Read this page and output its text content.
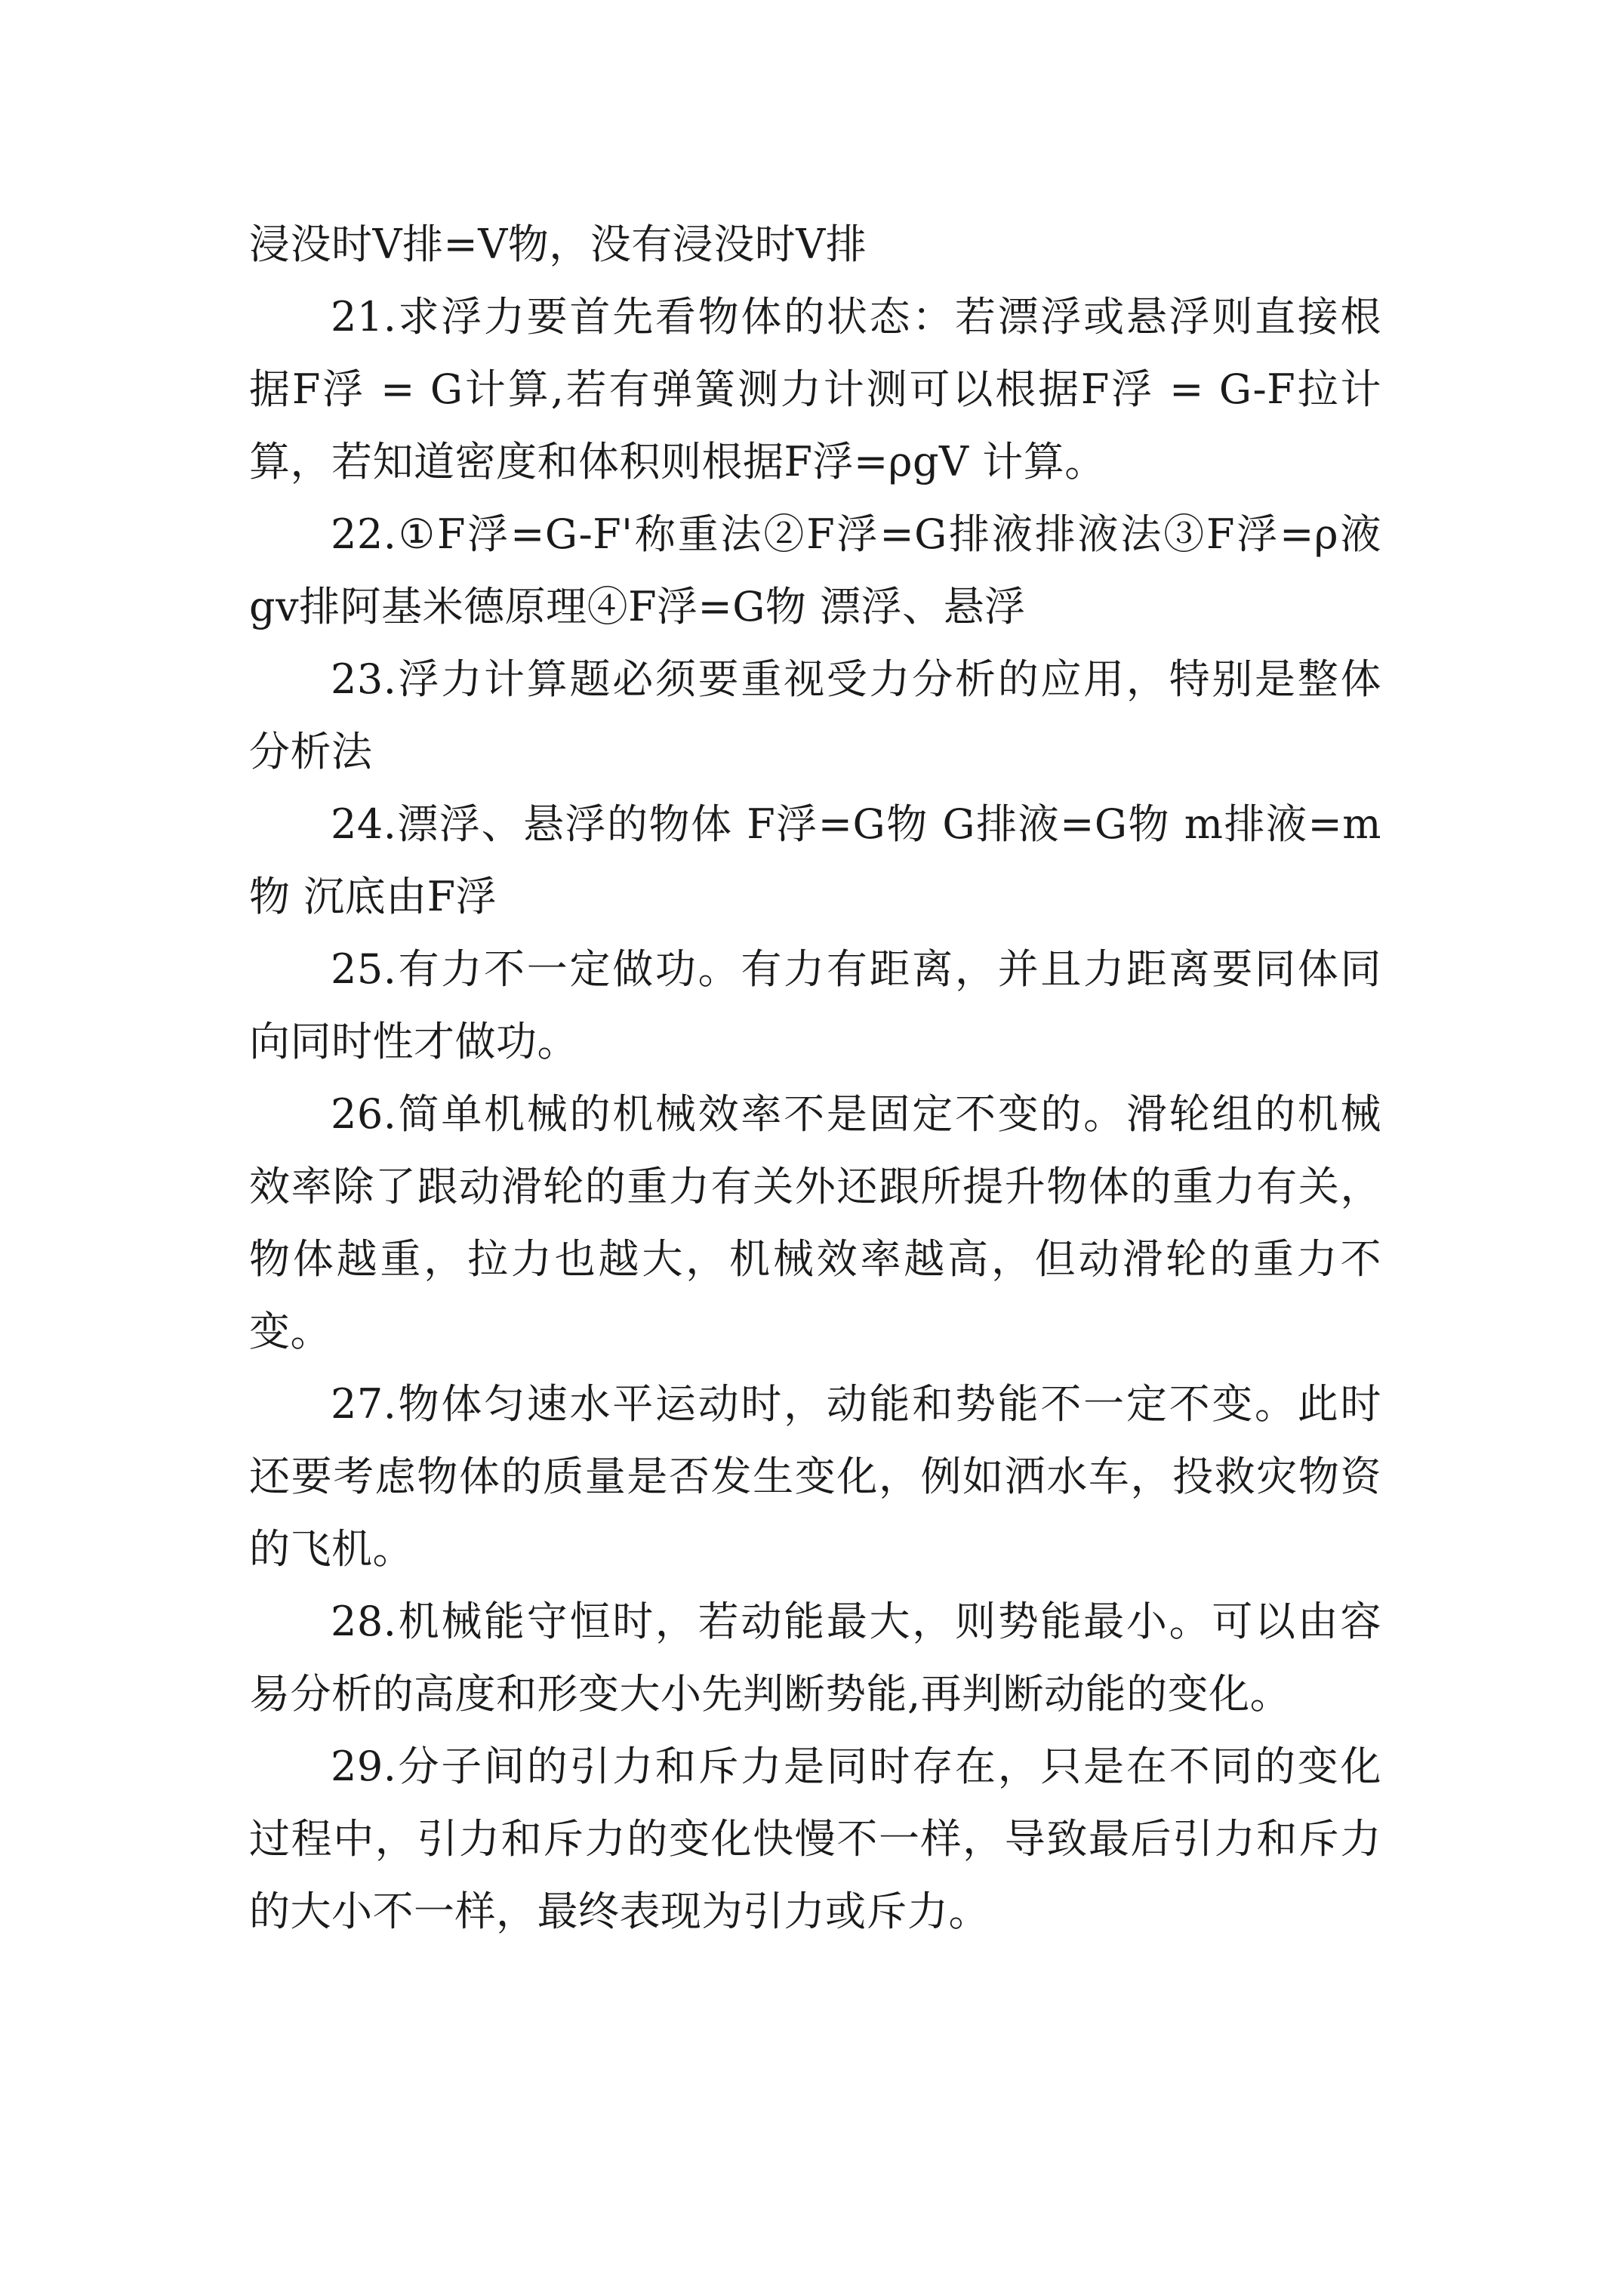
浸没时V排=V物，没有浸没时V排

21.求浮力要首先看物体的状态：若漂浮或悬浮则直接根据F浮 = G计算,若有弹簧测力计测可以根据F浮 = G-F拉计算，若知道密度和体积则根据F浮=ρgV 计算。

22.①F浮=G-F'称重法②F浮=G排液排液法③F浮=ρ液gv排阿基米德原理④F浮=G物 漂浮、悬浮

23.浮力计算题必须要重视受力分析的应用，特别是整体分析法

24.漂浮、悬浮的物体 F浮=G物 G排液=G物 m排液=m物 沉底由F浮

25.有力不一定做功。有力有距离，并且力距离要同体同向同时性才做功。

26.简单机械的机械效率不是固定不变的。滑轮组的机械效率除了跟动滑轮的重力有关外还跟所提升物体的重力有关，物体越重，拉力也越大，机械效率越高，但动滑轮的重力不变。

27.物体匀速水平运动时，动能和势能不一定不变。此时还要考虑物体的质量是否发生变化，例如洒水车，投救灾物资的飞机。

28.机械能守恒时，若动能最大，则势能最小。可以由容易分析的高度和形变大小先判断势能,再判断动能的变化。

29.分子间的引力和斥力是同时存在，只是在不同的变化过程中，引力和斥力的变化快慢不一样，导致最后引力和斥力的大小不一样，最终表现为引力或斥力。
